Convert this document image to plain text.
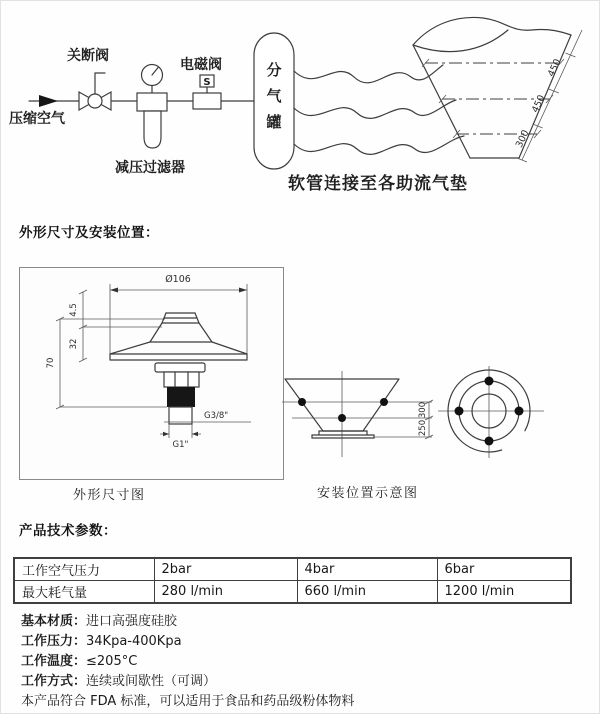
压缩空气
关断阀
减压过滤器
S
电磁阀	分
气
罐
300
450
450
软管连接至各助流气垫
外形尺寸及安装位置：
Ø106
4.5
32
70
G3/8"
G1"
300
250
外形尺寸图	安装位置示意图
产品技术参数：
工作空气压力	2bar	4bar	6bar
最大耗气量	280 l/min	660 l/min	1200 l/min
基本材质：进口高强度硅胶
工作压力：34Kpa-400Kpa
工作温度：≤205°C
工作方式：连续或间歇性（可调）
本产品符合 FDA 标准，可以适用于食品和药品级粉体物料
